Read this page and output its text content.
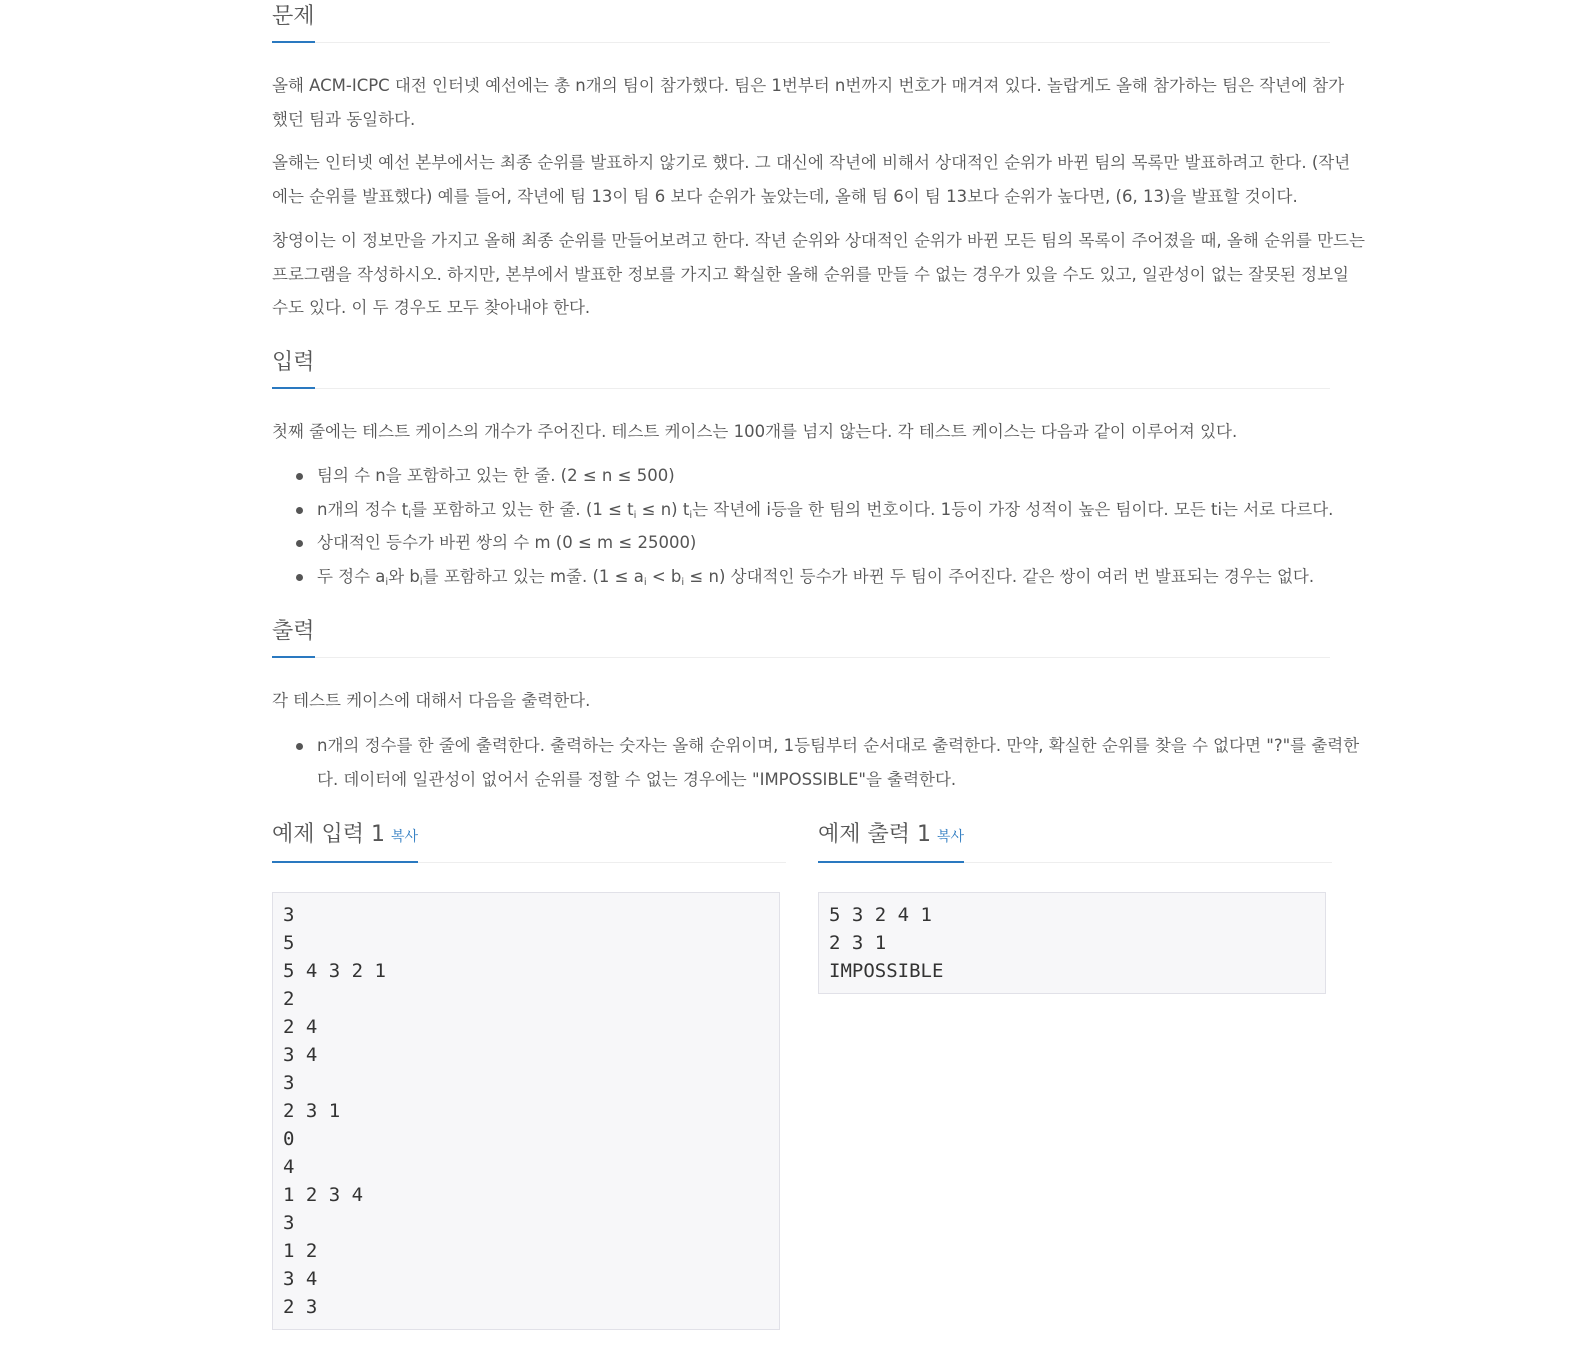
문제

올해 ACM-ICPC 대전 인터넷 예선에는 총 n개의 팀이 참가했다. 팀은 1번부터 n번까지 번호가 매겨져 있다. 놀랍게도 올해 참가하는 팀은 작년에 참가
했던 팀과 동일하다.

올해는 인터넷 예선 본부에서는 최종 순위를 발표하지 않기로 했다. 그 대신에 작년에 비해서 상대적인 순위가 바뀐 팀의 목록만 발표하려고 한다. (작년
에는 순위를 발표했다) 예를 들어, 작년에 팀 13이 팀 6 보다 순위가 높았는데, 올해 팀 6이 팀 13보다 순위가 높다면, (6, 13)을 발표할 것이다.

창영이는 이 정보만을 가지고 올해 최종 순위를 만들어보려고 한다. 작년 순위와 상대적인 순위가 바뀐 모든 팀의 목록이 주어졌을 때, 올해 순위를 만드는
프로그램을 작성하시오. 하지만, 본부에서 발표한 정보를 가지고 확실한 올해 순위를 만들 수 없는 경우가 있을 수도 있고, 일관성이 없는 잘못된 정보일
수도 있다. 이 두 경우도 모두 찾아내야 한다.

입력

첫째 줄에는 테스트 케이스의 개수가 주어진다. 테스트 케이스는 100개를 넘지 않는다. 각 테스트 케이스는 다음과 같이 이루어져 있다.

팀의 수 n을 포함하고 있는 한 줄. (2 ≤ n ≤ 500)
n개의 정수 $t_i$를 포함하고 있는 한 줄. $(1 \le t_i \le n)$ $t_i$는 작년에 i등을 한 팀의 번호이다. 1등이 가장 성적이 높은 팀이다. 모든 ti는 서로 다르다.
상대적인 등수가 바뀐 쌍의 수 m (0 ≤ m ≤ 25000)
두 정수 $a_i$와 $b_i$를 포함하고 있는 m줄. $(1 \le a_i < b_i \le n)$ 상대적인 등수가 바뀐 두 팀이 주어진다. 같은 쌍이 여러 번 발표되는 경우는 없다.
출력

각 테스트 케이스에 대해서 다음을 출력한다.

n개의 정수를 한 줄에 출력한다. 출력하는 숫자는 올해 순위이며, 1등팀부터 순서대로 출력한다. 만약, 확실한 순위를 찾을 수 없다면 "?"를 출력한
다. 데이터에 일관성이 없어서 순위를 정할 수 없는 경우에는 "IMPOSSIBLE"을 출력한다.
예제 입력 1 복사
3
5
5 4 3 2 1
2
2 4
3 4
3
2 3 1
0
4
1 2 3 4
3
1 2
3 4
2 3
예제 출력 1 복사
5 3 2 4 1
2 3 1
IMPOSSIBLE
